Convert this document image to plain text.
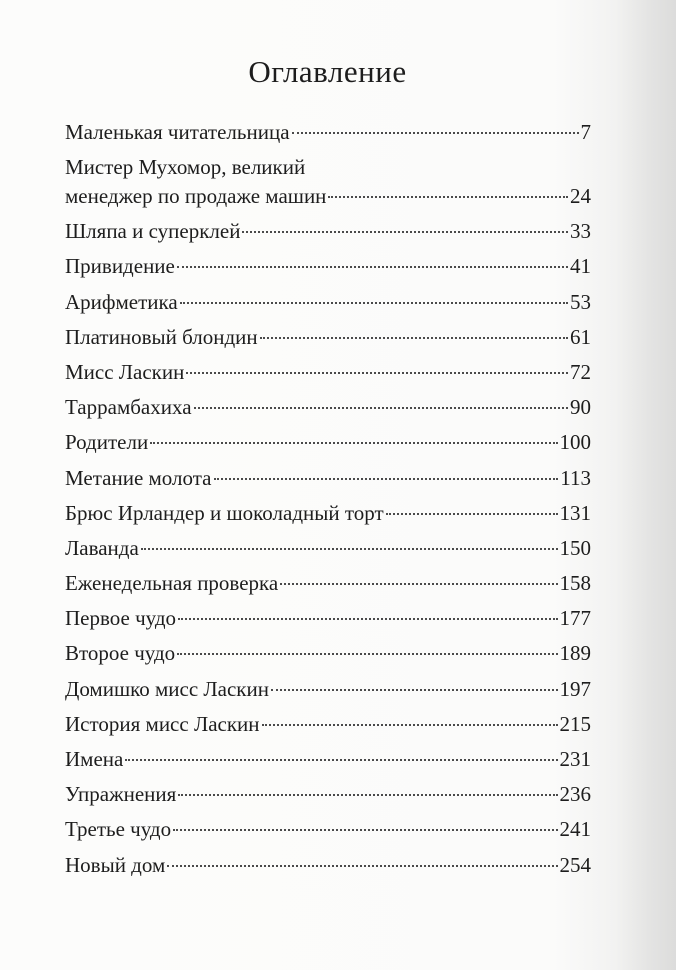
Оглавление
Маленькая читательница	7
Мистер Мухомор, великий
менеджер по продаже машин	24
Шляпа и суперклей	33
Привидение	41
Арифметика	53
Платиновый блондин	61
Мисс Ласкин	72
Таррамбахиха	90
Родители	100
Метание молота	113
Брюс Ирландер и шоколадный торт	131
Лаванда	150
Еженедельная проверка	158
Первое чудо	177
Второе чудо	189
Домишко мисс Ласкин	197
История мисс Ласкин	215
Имена	231
Упражнения	236
Третье чудо	241
Новый дом	254
